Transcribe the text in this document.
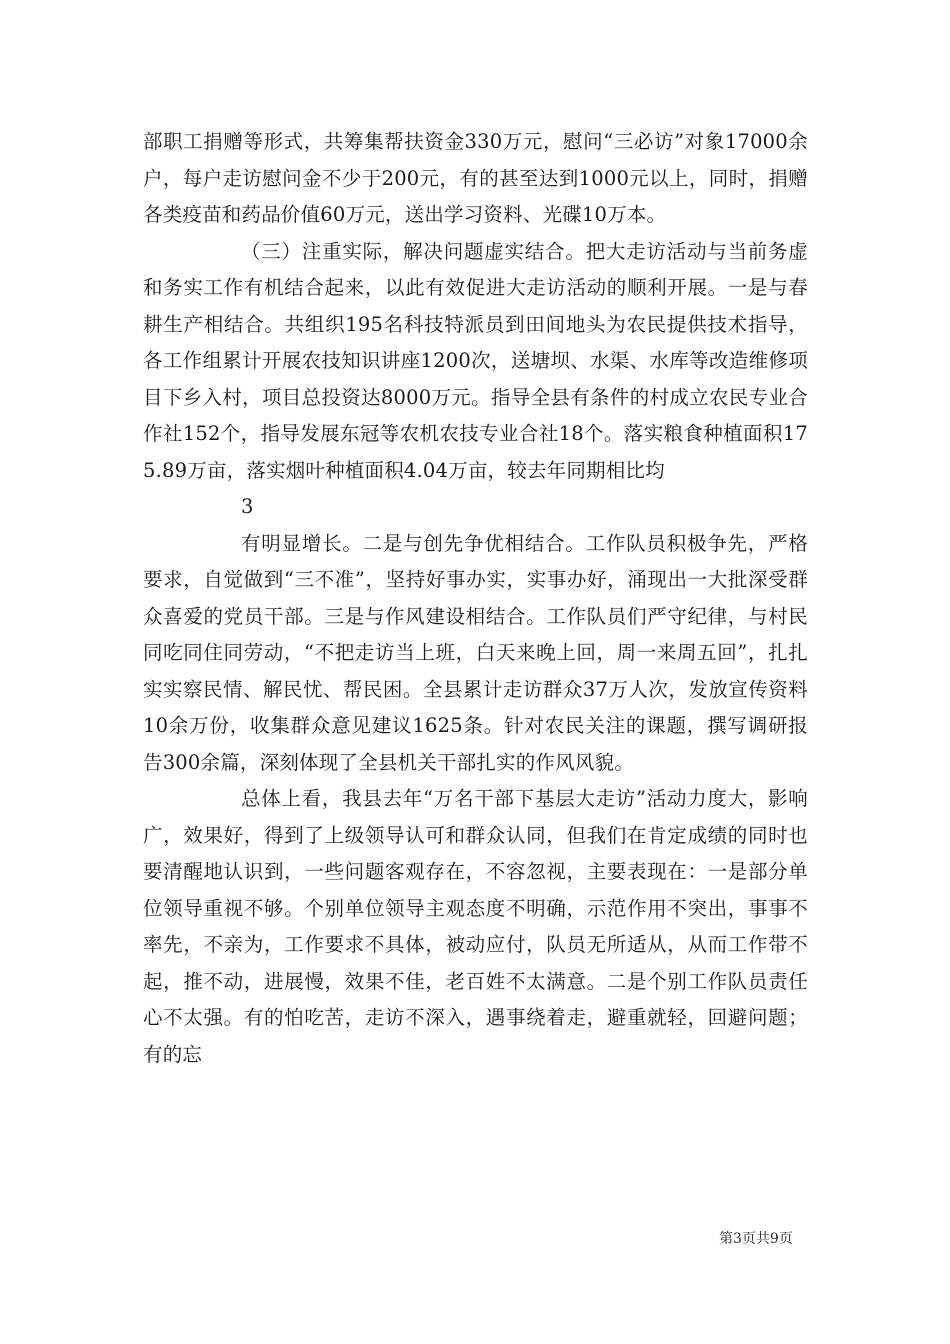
部职工捐赠等形式，共筹集帮扶资金330万元，慰问“三必访”对象17000余户，每户走访慰问金不少于200元，有的甚至达到1000元以上，同时，捐赠各类疫苗和药品价值60万元，送出学习资料、光碟10万本。

（三）注重实际，解决问题虚实结合。把大走访活动与当前务虚和务实工作有机结合起来，以此有效促进大走访活动的顺利开展。一是与春耕生产相结合。共组织195名科技特派员到田间地头为农民提供技术指导，各工作组累计开展农技知识讲座1200次，送塘坝、水渠、水库等改造维修项目下乡入村，项目总投资达8000万元。指导全县有条件的村成立农民专业合作社152个，指导发展东冠等农机农技专业合社18个。落实粮食种植面积175.89万亩，落实烟叶种植面积4.04万亩，较去年同期相比均

3

有明显增长。二是与创先争优相结合。工作队员积极争先，严格要求，自觉做到“三不准”，坚持好事办实，实事办好，涌现出一大批深受群众喜爱的党员干部。三是与作风建设相结合。工作队员们严守纪律，与村民同吃同住同劳动，“不把走访当上班，白天来晚上回，周一来周五回”，扎扎实实察民情、解民忧、帮民困。全县累计走访群众37万人次，发放宣传资料10余万份，收集群众意见建议1625条。针对农民关注的课题，撰写调研报告300余篇，深刻体现了全县机关干部扎实的作风风貌。

总体上看，我县去年“万名干部下基层大走访”活动力度大，影响广，效果好，得到了上级领导认可和群众认同，但我们在肯定成绩的同时也要清醒地认识到，一些问题客观存在，不容忽视，主要表现在：一是部分单位领导重视不够。个别单位领导主观态度不明确，示范作用不突出，事事不率先，不亲为，工作要求不具体，被动应付，队员无所适从，从而工作带不起，推不动，进展慢，效果不佳，老百姓不太满意。二是个别工作队员责任心不太强。有的怕吃苦，走访不深入，遇事绕着走，避重就轻，回避问题；有的忘

第3页共9页
